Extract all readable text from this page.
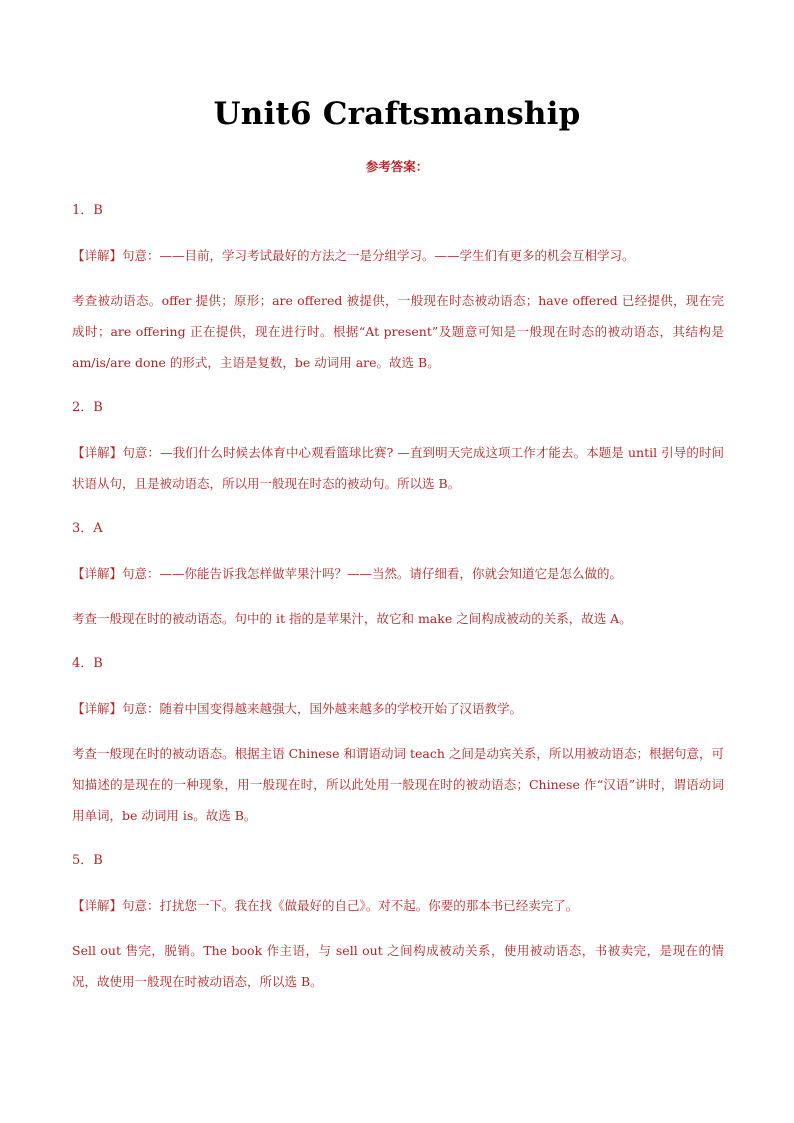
Unit6 Craftsmanship
参考答案：
1．B
【详解】句意：——目前，学习考试最好的方法之一是分组学习。——学生们有更多的机会互相学习。
考查被动语态。offer 提供；原形；are offered 被提供，一般现在时态被动语态；have offered 已经提供，现在完成时；are offering 正在提供，现在进行时。根据“At present”及题意可知是一般现在时态的被动语态，其结构是 am/is/are done 的形式，主语是复数，be 动词用 are。故选 B。
2．B
【详解】句意：—我们什么时候去体育中心观看篮球比赛? —直到明天完成这项工作才能去。本题是 until 引导的时间状语从句，且是被动语态，所以用一般现在时态的被动句。所以选 B。
3．A
【详解】句意：——你能告诉我怎样做苹果汁吗？——当然。请仔细看，你就会知道它是怎么做的。
考查一般现在时的被动语态。句中的 it 指的是苹果汁，故它和 make 之间构成被动的关系，故选 A。
4．B
【详解】句意：随着中国变得越来越强大，国外越来越多的学校开始了汉语教学。
考查一般现在时的被动语态。根据主语 Chinese 和谓语动词 teach 之间是动宾关系，所以用被动语态；根据句意，可知描述的是现在的一种现象，用一般现在时，所以此处用一般现在时的被动语态；Chinese 作“汉语”讲时，谓语动词用单词，be 动词用 is。故选 B。
5．B
【详解】句意：打扰您一下。我在找《做最好的自己》。对不起。你要的那本书已经卖完了。
Sell out 售完，脱销。The book 作主语，与 sell out 之间构成被动关系，使用被动语态，书被卖完，是现在的情况，故使用一般现在时被动语态，所以选 B。
